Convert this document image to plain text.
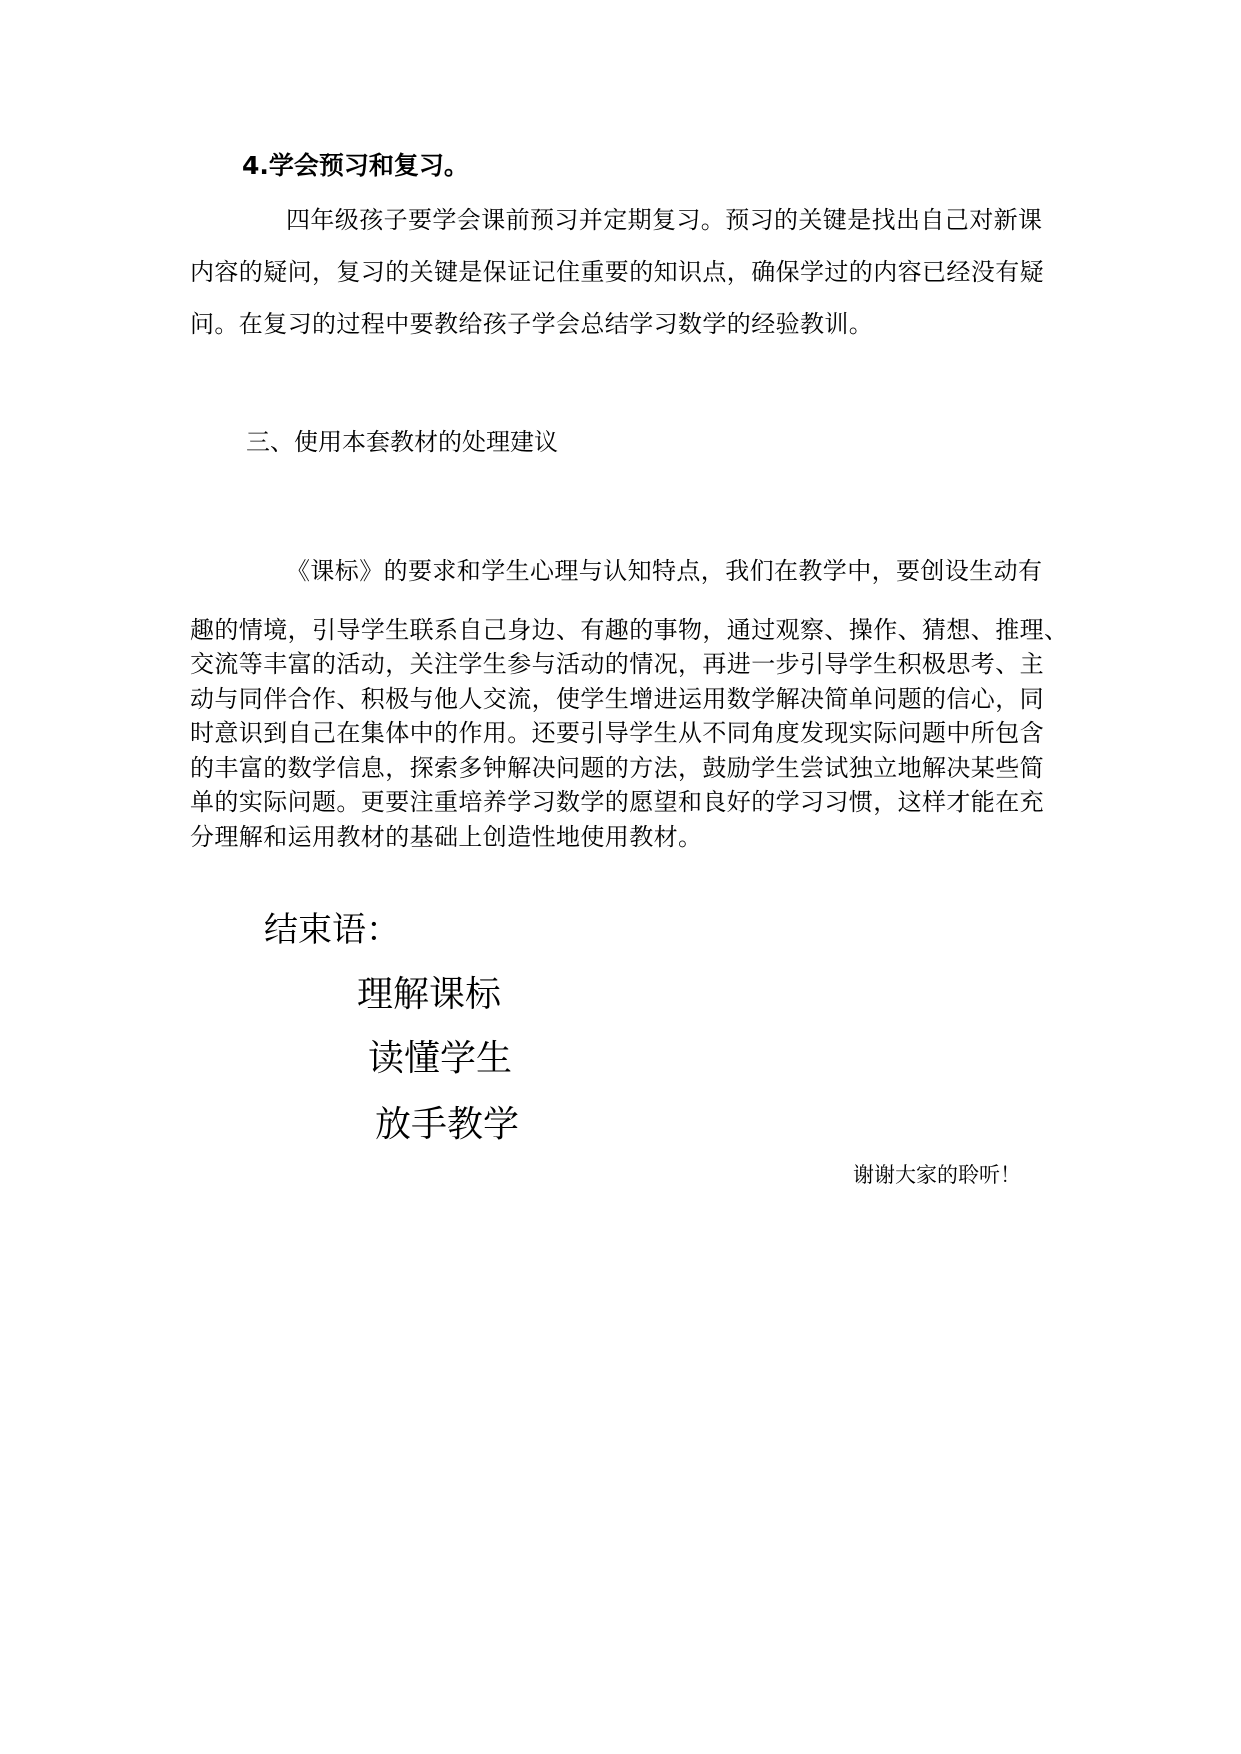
4.学会预习和复习。
四年级孩子要学会课前预习并定期复习。预习的关键是找出自己对新课
内容的疑问，复习的关键是保证记住重要的知识点，确保学过的内容已经没有疑
问。在复习的过程中要教给孩子学会总结学习数学的经验教训。
三、使用本套教材的处理建议
《课标》的要求和学生心理与认知特点，我们在教学中，要创设生动有
趣的情境，引导学生联系自己身边、有趣的事物，通过观察、操作、猜想、推理、
交流等丰富的活动，关注学生参与活动的情况，再进一步引导学生积极思考、主
动与同伴合作、积极与他人交流，使学生增进运用数学解决简单问题的信心，同
时意识到自己在集体中的作用。还要引导学生从不同角度发现实际问题中所包含
的丰富的数学信息，探索多钟解决问题的方法，鼓励学生尝试独立地解决某些简
单的实际问题。更要注重培养学习数学的愿望和良好的学习习惯，这样才能在充
分理解和运用教材的基础上创造性地使用教材。
结束语：
理解课标
读懂学生
放手教学
谢谢大家的聆听！
